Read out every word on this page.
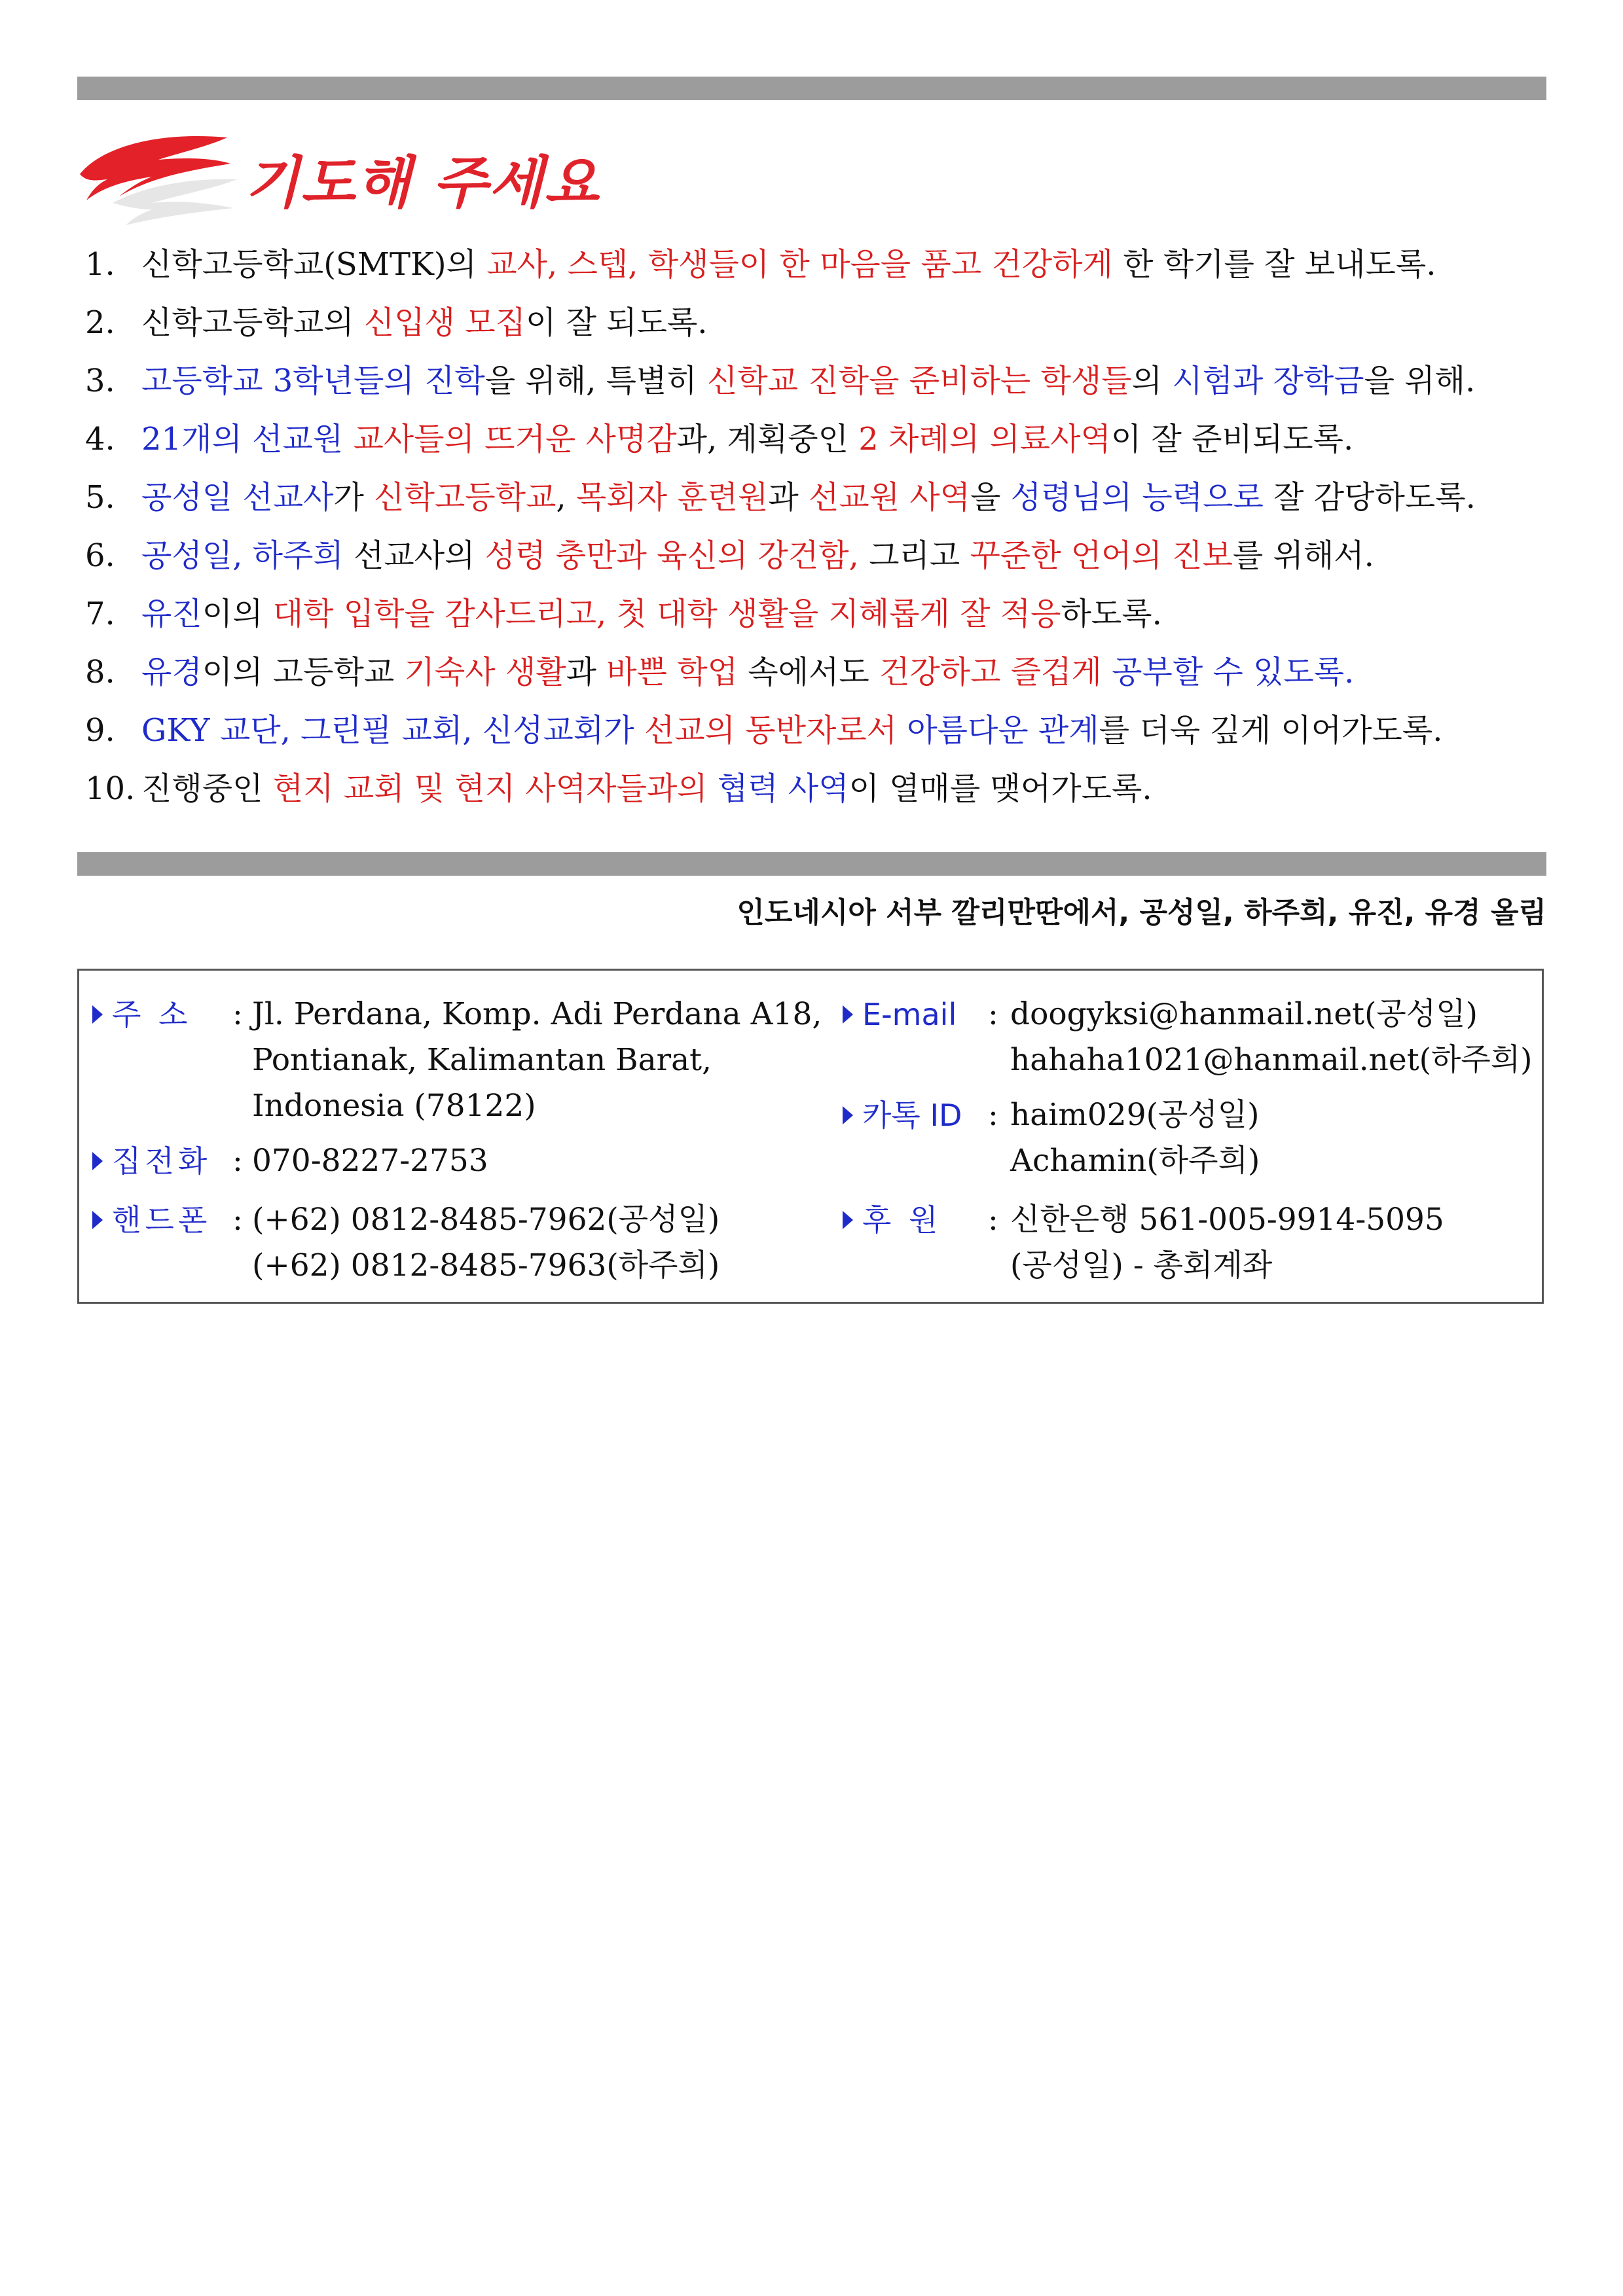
기도해 주세요
1. 신학고등학교(SMTK)의 교사, 스텝, 학생들이 한 마음을 품고 건강하게 한 학기를 잘 보내도록.
2. 신학고등학교의 신입생 모집이 잘 되도록.
3. 고등학교 3학년들의 진학을 위해, 특별히 신학교 진학을 준비하는 학생들의 시험과 장학금을 위해.
4. 21개의 선교원 교사들의 뜨거운 사명감과, 계획중인 2 차례의 의료사역이 잘 준비되도록.
5. 공성일 선교사가 신학고등학교, 목회자 훈련원과 선교원 사역을 성령님의 능력으로 잘 감당하도록.
6. 공성일, 하주희 선교사의 성령 충만과 육신의 강건함, 그리고 꾸준한 언어의 진보를 위해서.
7. 유진이의 대학 입학을 감사드리고, 첫 대학 생활을 지혜롭게 잘 적응하도록.
8. 유경이의 고등학교 기숙사 생활과 바쁜 학업 속에서도 건강하고 즐겁게 공부할 수 있도록.
9. GKY 교단, 그린필 교회, 신성교회가 선교의 동반자로서 아름다운 관계를 더욱 깊게 이어가도록.
10. 진행중인 현지 교회 및 현지 사역자들과의 협력 사역이 열매를 맺어가도록.
인도네시아 서부 깔리만딴에서, 공성일, 하주희, 유진, 유경 올림
주 소 : Jl. Perdana, Komp. Adi Perdana A18,
Pontianak, Kalimantan Barat,
Indonesia (78122)
집전화 : 070-8227-2753
핸드폰 : (+62) 0812-8485-7962(공성일)
(+62) 0812-8485-7963(하주희)
E-mail : doogyksi@hanmail.net(공성일)
hahaha1021@hanmail.net(하주희)
카톡 ID : haim029(공성일)
Achamin(하주희)
후 원 : 신한은행 561-005-9914-5095
(공성일) - 총회계좌
